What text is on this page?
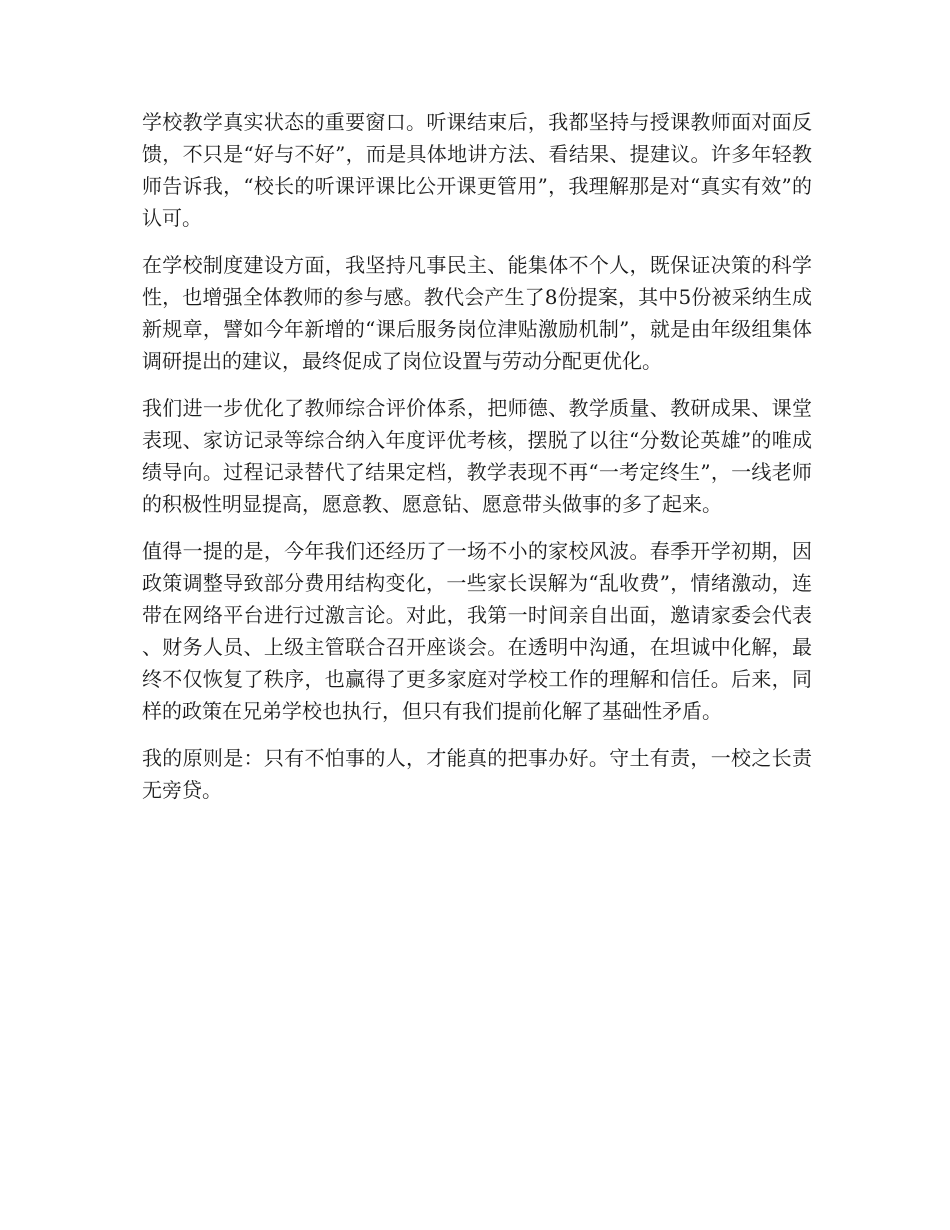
学校教学真实状态的重要窗口。听课结束后，我都坚持与授课教师面对面反馈，不只是“好与不好”，而是具体地讲方法、看结果、提建议。许多年轻教师告诉我，“校长的听课评课比公开课更管用”，我理解那是对“真实有效”的认可。

在学校制度建设方面，我坚持凡事民主、能集体不个人，既保证决策的科学性，也增强全体教师的参与感。教代会产生了8份提案，其中5份被采纳生成新规章，譬如今年新增的“课后服务岗位津贴激励机制”，就是由年级组集体调研提出的建议，最终促成了岗位设置与劳动分配更优化。

我们进一步优化了教师综合评价体系，把师德、教学质量、教研成果、课堂表现、家访记录等综合纳入年度评优考核，摆脱了以往“分数论英雄”的唯成绩导向。过程记录替代了结果定档，教学表现不再“一考定终生”，一线老师的积极性明显提高，愿意教、愿意钻、愿意带头做事的多了起来。

值得一提的是，今年我们还经历了一场不小的家校风波。春季开学初期，因政策调整导致部分费用结构变化，一些家长误解为“乱收费”，情绪激动，连带在网络平台进行过激言论。对此，我第一时间亲自出面，邀请家委会代表、财务人员、上级主管联合召开座谈会。在透明中沟通，在坦诚中化解，最终不仅恢复了秩序，也赢得了更多家庭对学校工作的理解和信任。后来，同样的政策在兄弟学校也执行，但只有我们提前化解了基础性矛盾。

我的原则是：只有不怕事的人，才能真的把事办好。守土有责，一校之长责无旁贷。
